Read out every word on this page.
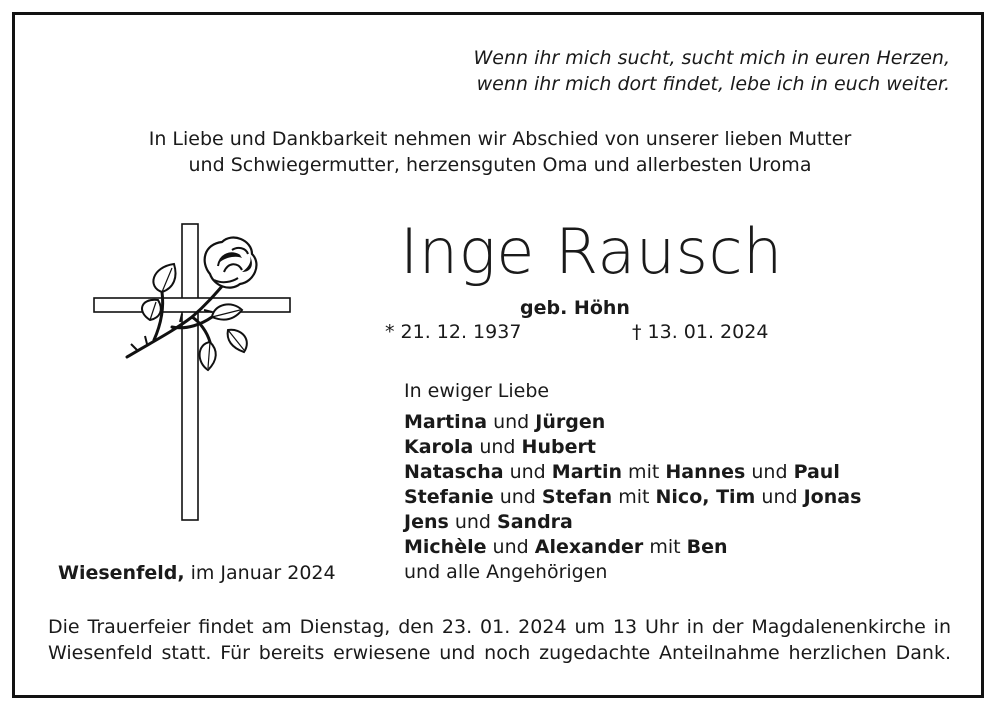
Wenn ihr mich sucht, sucht mich in euren Herzen,
wenn ihr mich dort findet, lebe ich in euch weiter.
In Liebe und Dankbarkeit nehmen wir Abschied von unserer lieben Mutter
und Schwiegermutter, herzensguten Oma und allerbesten Uroma
Inge Rausch
geb. Höhn
* 21. 12. 1937	† 13. 01. 2024
In ewiger Liebe
Martina und Jürgen
Karola und Hubert
Natascha und Martin mit Hannes und Paul
Stefanie und Stefan mit Nico, Tim und Jonas
Jens und Sandra
Michèle und Alexander mit Ben
und alle Angehörigen
Wiesenfeld, im Januar 2024
Die Trauerfeier findet am Dienstag, den 23. 01. 2024 um 13 Uhr in der Magdalenenkirche in
Wiesenfeld statt. Für bereits erwiesene und noch zugedachte Anteilnahme herzlichen Dank.
